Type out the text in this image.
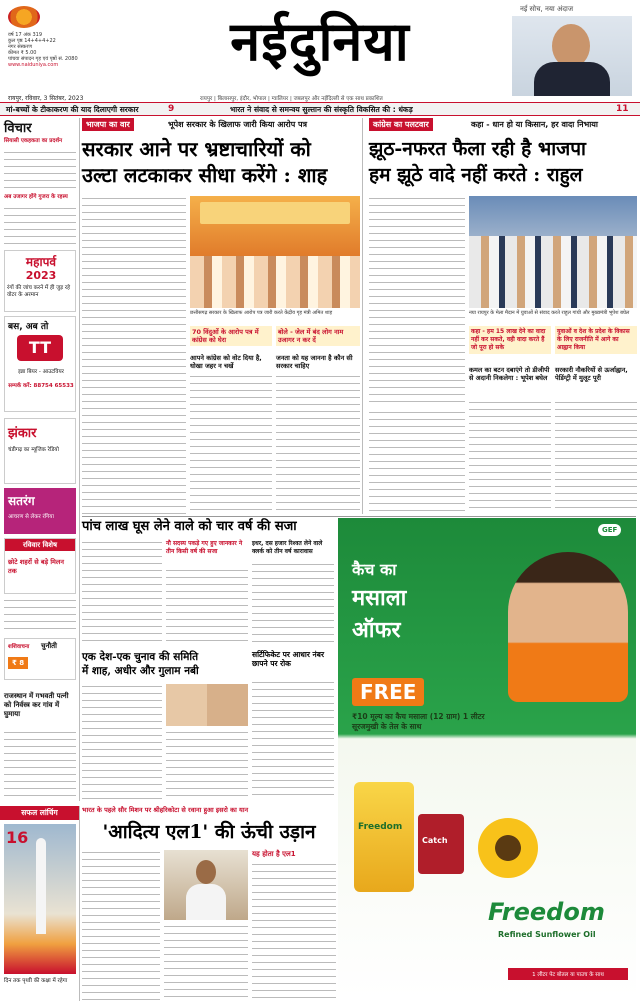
वर्ष 17 अंक 319
कुल पृष्ठ 14+4+4+22
नगर संस्करण
कीमत ₹ 5.00
पांचवा संपादन गृह एवं पृष्ठों सं. 2080
www.naiduniya.com	नईदुनिया	नई सोच, नया अंदाज
रायपुर, रविवार, 3 सितंबर, 2023	रायपुर | बिलासपुर, इंदौर, भोपाल | ग्वालियर | जबलपुर और नईदिल्ली से एक साथ प्रकाशित
मां-बच्चों के टीकाकरण की याद दिलाएगी सरकार	9	भारत ने संवाद से समन्वय सुल्तान की संस्कृति विकसित की : धंकड़	11
विचार
सियासी एकहकता का प्रदर्शन
अब उजागर होंगे गुजरा के रहस्य
महापर्व
2023
रंगों की जांच करने में ही जुड़ रहे वोटर के अरमान
बस, अब तो
TT
इन्ना बियर - आउटवियर
सम्पर्क करें: 88754 65533
झंकार
चंडीगढ़ का म्यूजिक रेडियो
सतरंग
आचरण से लेकर रंगिया
रविवार विशेष
छोटे शहरों से बड़े मिलन तक
शशिवाचना चुनौती
₹ 8
राजस्थान में गभवती पत्नी को निर्वस्त्र कर गांव में घुमाया
भाजपा का वार	भूपेश सरकार के खिलाफ जारी किया आरोप पत्र
सरकार आने पर भ्रष्टाचारियों को
उल्टा लटकाकर सीधा करेंगे : शाह
छत्तीसगढ़ सरकार के खिलाफ आरोप पत्र जारी करते केंद्रीय गृह मंत्री अमित शाह
70 विंदुओं के आरोप पत्र में कांग्रेस को घेरा
बोले - जेल में बंद लोग नाम उजागर न कर दें
आपने कांग्रेस को वोट दिया है, धोखा जहर न चखें
जनता को यह जानना है कौन सी सरकार चाहिए
कांग्रेस का पलटवार	कहा - धान हो या किसान, हर वादा निभाया
झूठ-नफरत फैला रही है भाजपा
हम झूठे वादे नहीं करते : राहुल
नया रायपुर के मेला मैदान में युवाओं से संवाद करते राहुल गांधी और मुख्यमंत्री भूपेश बघेल
कहा - हम 15 लाख देने का वादा नहीं कर सकते, वही वादा करते हैं जो पूरा हो सके
युवाओं व देश के प्रदेश के विकास के लिए राजनीति में आगे का आह्वान किया
कमल का बटन दबाएंगे तो डीजीपी से अदानी निकलेगा : भूपेश बघेल
सरकारी नौकरियों से ऊर्जाह्वान, पेडिंग्ट्री में मुलूट पूरी
पांच लाख घूस लेने वाले को चार वर्ष की सजा
नौ सदस्य पकड़े गए हुए जानकार ने तीन किसी वर्ष की सजा
इधर, दस हजार रिश्वत लेने वाले क्लर्क को तीन वर्ष कारावास
एक देश-एक चुनाव की समिति
में शाह, अधीर और गुलाम नबी
सर्टिफिकेट पर आधार नंबर छापने पर रोक
GEF
कैच का
मसाला
ऑफर
FREE
₹10 मूल्य का कैच मसाला (12 ग्राम) 1 लीटर सूरजमुखी के तेल के साथ
Freedom
Catch
Freedom
Refined Sunflower Oil
1 लीटर पेट बोतल या पाउच के साथ
सफल लांचिंग
16
दिन तक पृथ्वी की कक्षा में रहेगा
भारत के पहले सौर मिशन पर श्रीहरिकोटा से रवाना हुआ इसरो का यान
'आदित्य एल1' की ऊंची उड़ान
यह होता है एल1
